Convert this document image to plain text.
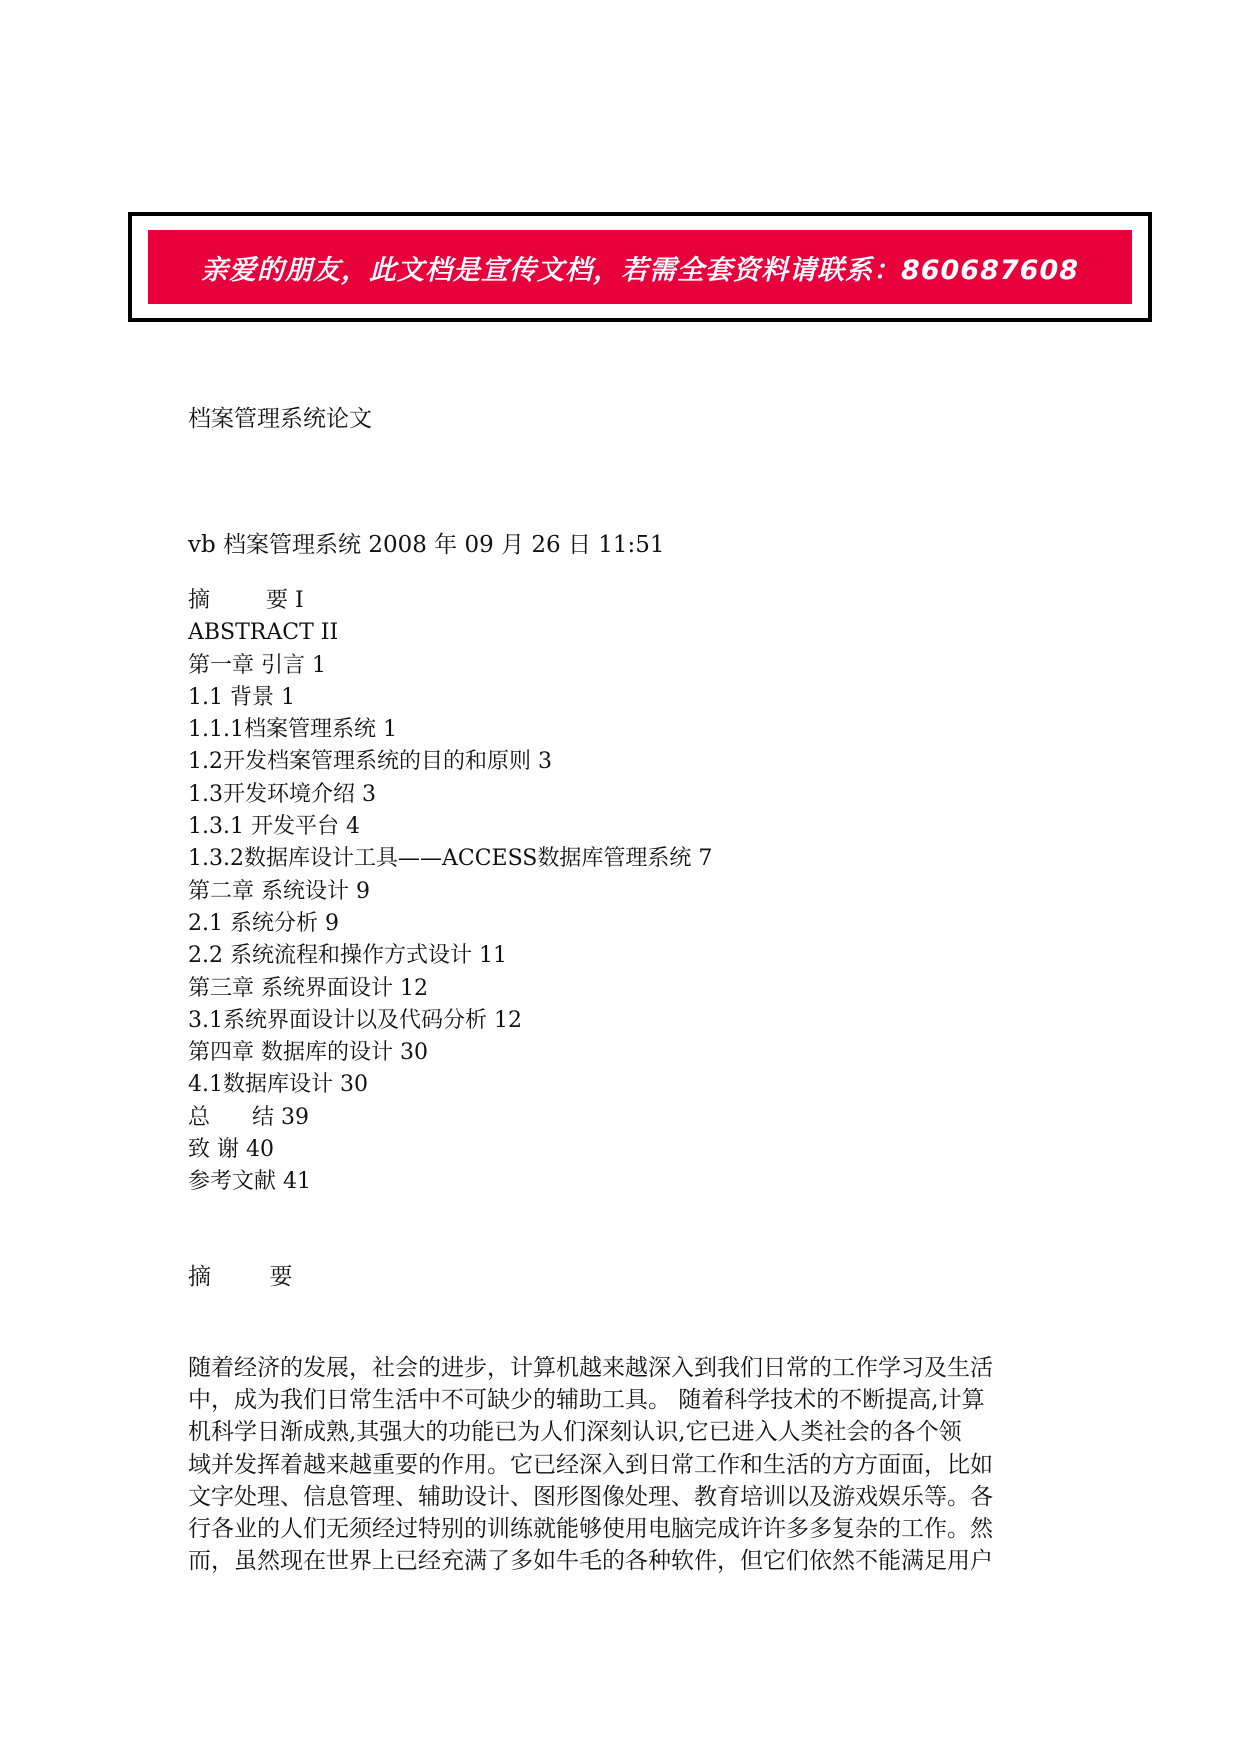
亲爱的朋友，此文档是宣传文档，若需全套资料请联系：860687608
档案管理系统论文
vb 档案管理系统 2008 年 09 月 26 日 11:51
摘        要 I
ABSTRACT II
第一章 引言 1
1.1 背景 1
1.1.1档案管理系统 1
1.2开发档案管理系统的目的和原则 3
1.3开发环境介绍 3
1.3.1 开发平台 4
1.3.2数据库设计工具——ACCESS数据库管理系统 7
第二章 系统设计 9
2.1 系统分析 9
2.2 系统流程和操作方式设计 11
第三章 系统界面设计 12
3.1系统界面设计以及代码分析 12
第四章 数据库的设计 30
4.1数据库设计 30
总      结 39
致 谢 40
参考文献 41
摘        要
随着经济的发展，社会的进步，计算机越来越深入到我们日常的工作学习及生活
中，成为我们日常生活中不可缺少的辅助工具。 随着科学技术的不断提高,计算
机科学日渐成熟,其强大的功能已为人们深刻认识,它已进入人类社会的各个领
域并发挥着越来越重要的作用。它已经深入到日常工作和生活的方方面面，比如
文字处理、信息管理、辅助设计、图形图像处理、教育培训以及游戏娱乐等。各
行各业的人们无须经过特别的训练就能够使用电脑完成许许多多复杂的工作。然
而，虽然现在世界上已经充满了多如牛毛的各种软件，但它们依然不能满足用户
